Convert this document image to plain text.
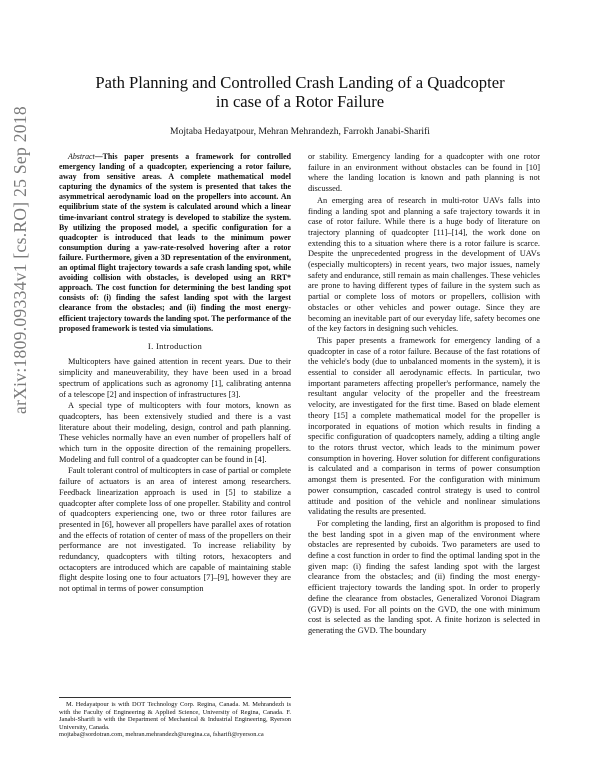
arXiv:1809.09334v1 [cs.RO] 25 Sep 2018
Path Planning and Controlled Crash Landing of a Quadcopter
in case of a Rotor Failure
Mojtaba Hedayatpour, Mehran Mehrandezh, Farrokh Janabi-Sharifi

Abstract—This paper presents a framework for controlled emergency landing of a quadcopter, experiencing a rotor failure, away from sensitive areas. A complete mathematical model capturing the dynamics of the system is presented that takes the asymmetrical aerodynamic load on the propellers into account. An equilibrium state of the system is calculated around which a linear time-invariant control strategy is developed to stabilize the system. By utilizing the proposed model, a specific configuration for a quadcopter is introduced that leads to the minimum power consumption during a yaw-rate-resolved hovering after a rotor failure. Furthermore, given a 3D representation of the environment, an optimal flight trajectory towards a safe crash landing spot, while avoiding collision with obstacles, is developed using an RRT* approach. The cost function for determining the best landing spot consists of: (i) finding the safest landing spot with the largest clearance from the obstacles; and (ii) finding the most energy-efficient trajectory towards the landing spot. The performance of the proposed framework is tested via simulations.

I. Introduction

Multicopters have gained attention in recent years. Due to their simplicity and maneuverability, they have been used in a broad spectrum of applications such as agronomy [1], calibrating antenna of a telescope [2] and inspection of infrastructures [3].

A special type of multicopters with four motors, known as quadcopters, has been extensively studied and there is a vast literature about their modeling, design, control and path planning. These vehicles normally have an even number of propellers half of which turn in the opposite direction of the remaining propellers. Modeling and full control of a quadcopter can be found in [4].

Fault tolerant control of multicopters in case of partial or complete failure of actuators is an area of interest among researchers. Feedback linearization approach is used in [5] to stabilize a quadcopter after complete loss of one propeller. Stability and control of quadcopters experiencing one, two or three rotor failures are presented in [6], however all propellers have parallel axes of rotation and the effects of rotation of center of mass of the propellers on their performance are not investigated. To increase reliability by redundancy, quadcopters with tilting rotors, hexacopters and octacopters are introduced which are capable of maintaining stable flight despite losing one to four actuators [7]–[9], however they are not optimal in terms of power consumption

M. Hedayatpour is with DOT Technology Corp. Regina, Canada. M. Mehrandezh is with the Faculty of Engineering & Applied Science, University of Regina, Canada. F. Janabi-Sharifi is with the Department of Mechanical & Industrial Engineering, Ryerson University, Canada.

mojtaba@sordotran.com, mehran.mehrandezh@uregina.ca, fsharifi@ryerson.ca

or stability. Emergency landing for a quadcopter with one rotor failure in an environment without obstacles can be found in [10] where the landing location is known and path planning is not discussed.

An emerging area of research in multi-rotor UAVs falls into finding a landing spot and planning a safe trajectory towards it in case of rotor failure. While there is a huge body of literature on trajectory planning of quadcopter [11]–[14], the work done on extending this to a situation where there is a rotor failure is scarce. Despite the unprecedented progress in the development of UAVs (especially multicopters) in recent years, two major issues, namely safety and endurance, still remain as main challenges. These vehicles are prone to having different types of failure in the system such as partial or complete loss of motors or propellers, collision with obstacles or other vehicles and power outage. Since they are becoming an inevitable part of our everyday life, safety becomes one of the key factors in designing such vehicles.

This paper presents a framework for emergency landing of a quadcopter in case of a rotor failure. Because of the fast rotations of the vehicle's body (due to unbalanced moments in the system), it is essential to consider all aerodynamic effects. In particular, two important parameters affecting propeller's performance, namely the resultant angular velocity of the propeller and the freestream velocity, are investigated for the first time. Based on blade element theory [15] a complete mathematical model for the propeller is incorporated in equations of motion which results in finding a specific configuration of quadcopters namely, adding a tilting angle to the rotors thrust vector, which leads to the minimum power consumption in hovering. Hover solution for different configurations is calculated and a comparison in terms of power consumption amongst them is presented. For the configuration with minimum power consumption, cascaded control strategy is used to control attitude and position of the vehicle and nonlinear simulations validating the results are presented.

For completing the landing, first an algorithm is proposed to find the best landing spot in a given map of the environment where obstacles are represented by cuboids. Two parameters are used to define a cost function in order to find the optimal landing spot in the given map: (i) finding the safest landing spot with the largest clearance from the obstacles; and (ii) finding the most energy-efficient trajectory towards the landing spot. In order to properly define the clearance from obstacles, Generalized Voronoi Diagram (GVD) is used. For all points on the GVD, the one with minimum cost is selected as the landing spot. A finite horizon is selected in generating the GVD. The boundary
